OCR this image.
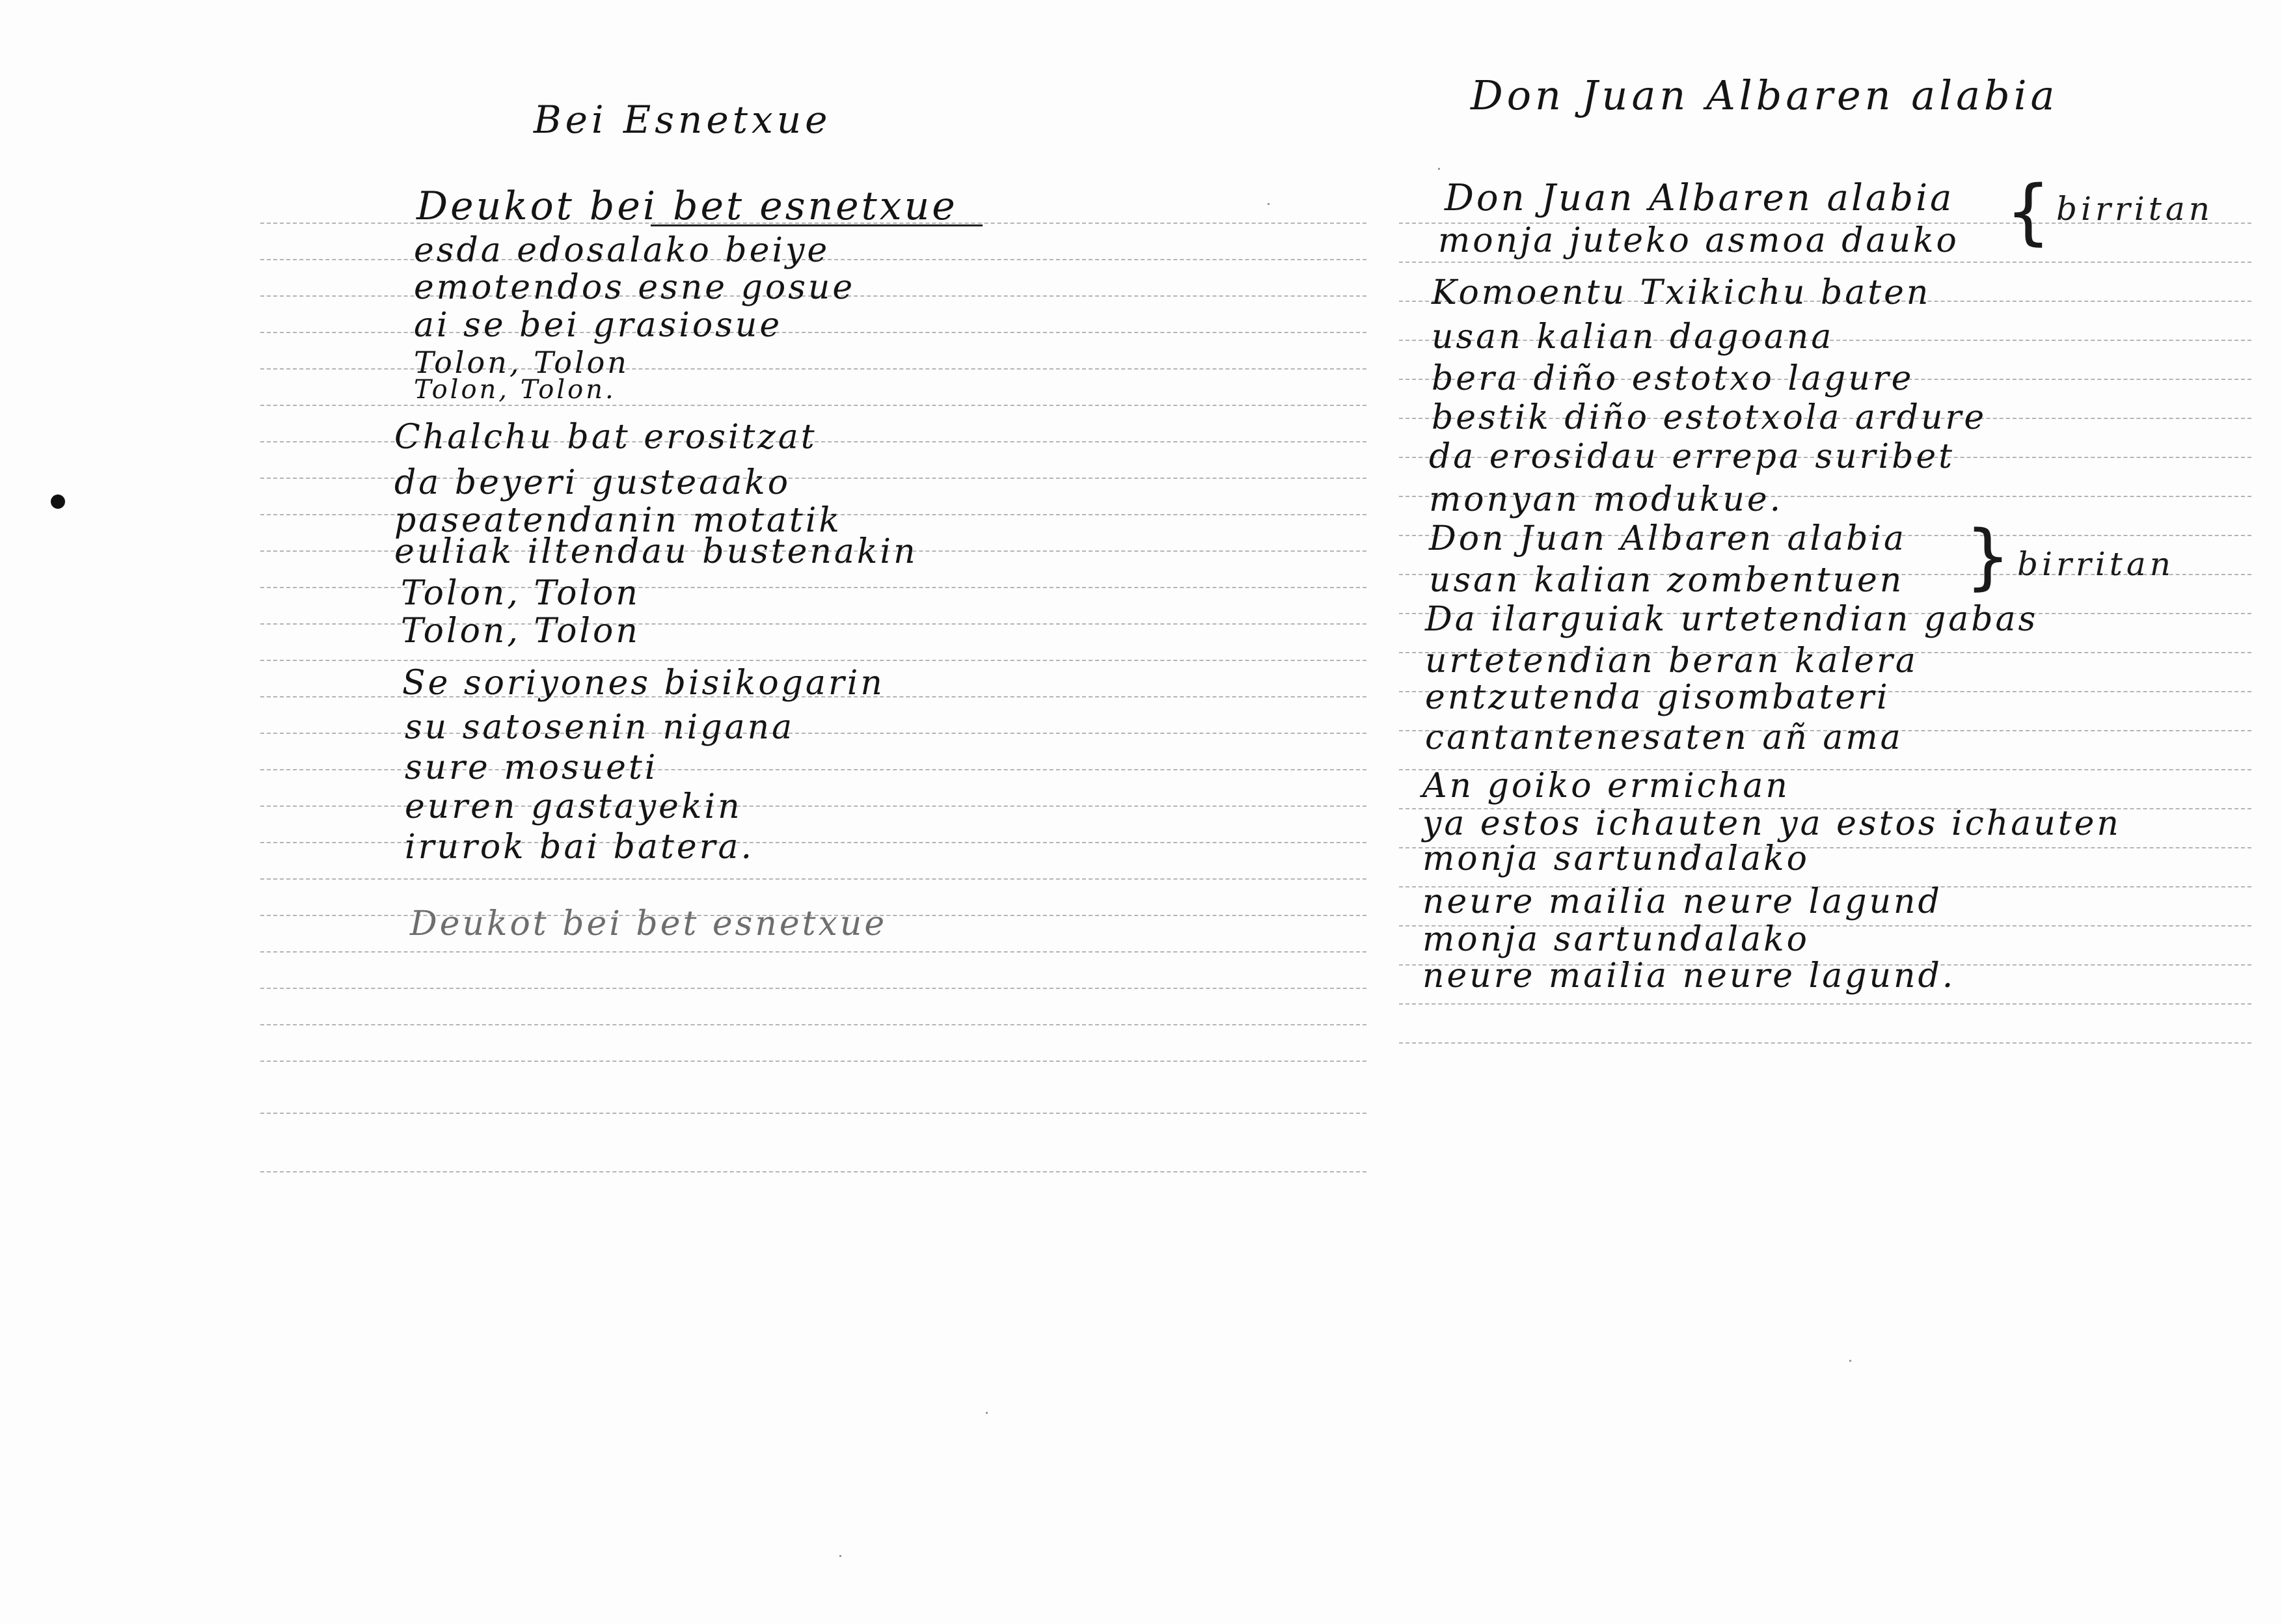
Bei Esnetxue
Deukot bei bet esnetxue
esda edosalako beiye
emotendos esne gosue
ai se bei grasiosue
Tolon, Tolon
Tolon, Tolon.
Chalchu bat erositzat
da beyeri gusteaako
paseatendanin motatik
euliak iltendau bustenakin
Tolon, Tolon
Tolon, Tolon
Se soriyones bisikogarin
su satosenin nigana
sure mosueti
euren gastayekin
irurok bai batera.
Deukot bei bet esnetxue
Don Juan Albaren alabia
Don Juan Albaren alabia
monja juteko asmoa dauko
Komoentu Txikichu baten
usan kalian dagoana
bera diño estotxo lagure
bestik diño estotxola ardure
da erosidau errepa suribet
monyan modukue.
Don Juan Albaren alabia
usan kalian zombentuen
Da ilarguiak urtetendian gabas
urtetendian beran kalera
entzutenda gisombateri
cantantenesaten añ ama
An goiko ermichan
ya estos ichauten ya estos ichauten
monja sartundalako
neure mailia neure lagund
monja sartundalako
neure mailia neure lagund.
{ birritan
} birritan
